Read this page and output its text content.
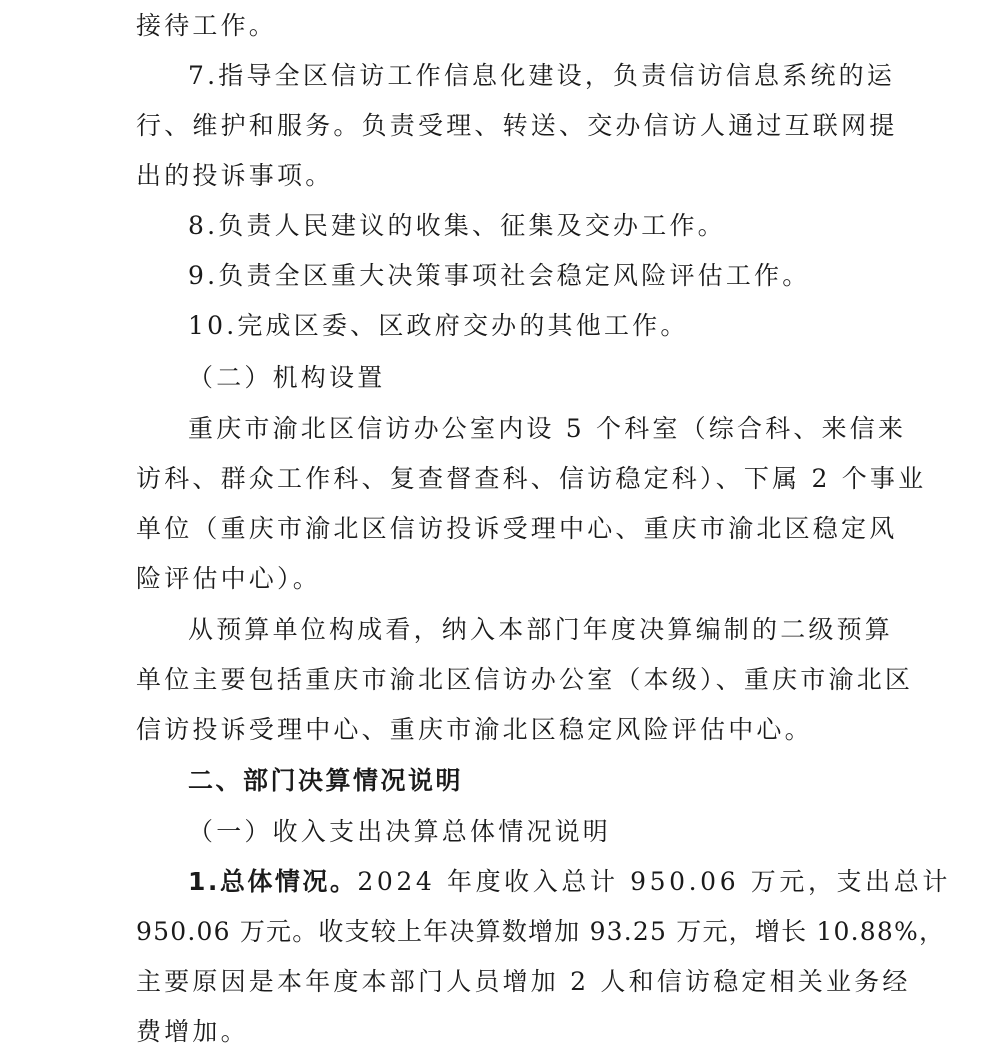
接待工作。
7.指导全区信访工作信息化建设，负责信访信息系统的运
行、维护和服务。负责受理、转送、交办信访人通过互联网提
出的投诉事项。
8.负责人民建议的收集、征集及交办工作。
9.负责全区重大决策事项社会稳定风险评估工作。
10.完成区委、区政府交办的其他工作。
（二）机构设置
重庆市渝北区信访办公室内设 5 个科室（综合科、来信来
访科、群众工作科、复查督查科、信访稳定科）、下属 2 个事业
单位（重庆市渝北区信访投诉受理中心、重庆市渝北区稳定风
险评估中心）。
从预算单位构成看，纳入本部门年度决算编制的二级预算
单位主要包括重庆市渝北区信访办公室（本级）、重庆市渝北区
信访投诉受理中心、重庆市渝北区稳定风险评估中心。
二、部门决算情况说明
（一）收入支出决算总体情况说明
1.总体情况。2024 年度收入总计 950.06 万元，支出总计
950.06 万元。收支较上年决算数增加 93.25 万元，增长 10.88%，
主要原因是本年度本部门人员增加 2 人和信访稳定相关业务经
费增加。
